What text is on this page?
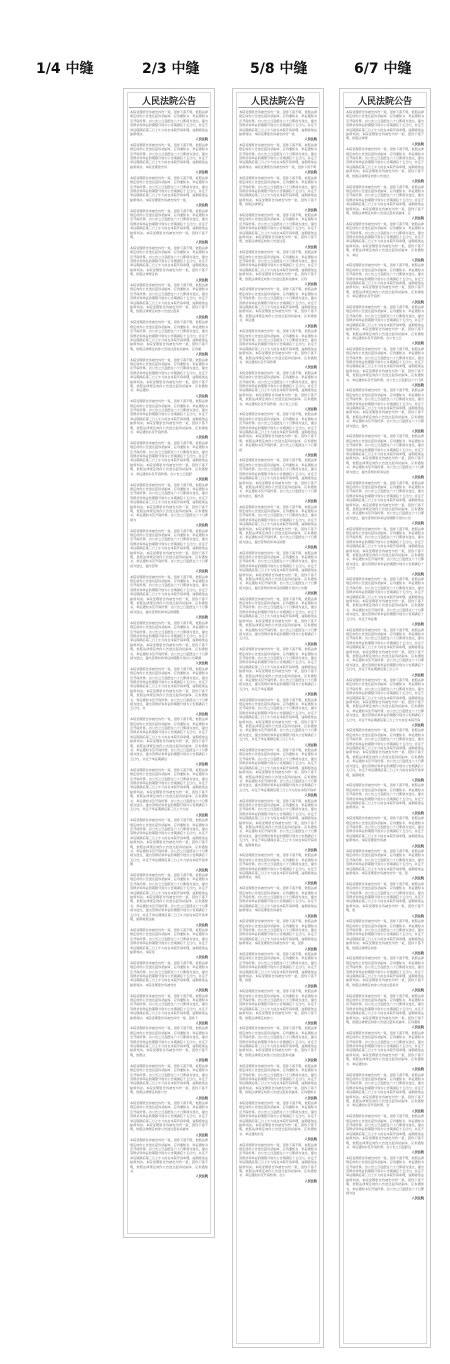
1/4 中缝	2/3 中缝	5/8 中缝	6/7 中缝
人民法院公告

本院受理原告诉被告纠纷一案，因你下落不明，依照法律规定向你公告送达起诉状副本、应诉通知书、举证通知书及开庭传票。自公告之日起经过六十日即视为送达，提出答辩状和举证的期限分别为公告期满后十五日内，并定于举证期满后第三日上午九时在本院开庭审理，逾期将依法缺席判决。

人民法院

本院受理原告诉被告纠纷一案，因你下落不明，依照法律规定向你公告送达起诉状副本、应诉通知书、举证通知书及开庭传票。自公告之日起经过六十日即视为送达，提出答辩状和举证的期限分别为公告期满后十五日内，并定于举证期满后第三日上午九时在本院开庭审理，逾期将依法缺席判决。本院受理原告诉

人民法院

本院受理原告诉被告纠纷一案，因你下落不明，依照法律规定向你公告送达起诉状副本、应诉通知书、举证通知书及开庭传票。自公告之日起经过六十日即视为送达，提出答辩状和举证的期限分别为公告期满后十五日内，并定于举证期满后第三日上午九时在本院开庭审理，逾期将依法缺席判决。本院受理原告诉被告纠纷一案，

人民法院

本院受理原告诉被告纠纷一案，因你下落不明，依照法律规定向你公告送达起诉状副本、应诉通知书、举证通知书及开庭传票。自公告之日起经过六十日即视为送达，提出答辩状和举证的期限分别为公告期满后十五日内，并定于举证期满后第三日上午九时在本院开庭审理，逾期将依法缺席判决。本院受理原告诉被告纠纷一案，因你下落不明，

人民法院

本院受理原告诉被告纠纷一案，因你下落不明，依照法律规定向你公告送达起诉状副本、应诉通知书、举证通知书及开庭传票。自公告之日起经过六十日即视为送达，提出答辩状和举证的期限分别为公告期满后十五日内，并定于举证期满后第三日上午九时在本院开庭审理，逾期将依法缺席判决。本院受理原告诉被告纠纷一案，因你下落不明，依照法律规定向

人民法院

本院受理原告诉被告纠纷一案，因你下落不明，依照法律规定向你公告送达起诉状副本、应诉通知书、举证通知书及开庭传票。自公告之日起经过六十日即视为送达，提出答辩状和举证的期限分别为公告期满后十五日内，并定于举证期满后第三日上午九时在本院开庭审理，逾期将依法缺席判决。本院受理原告诉被告纠纷一案，因你下落不明，依照法律规定向你公告送达起诉

人民法院

本院受理原告诉被告纠纷一案，因你下落不明，依照法律规定向你公告送达起诉状副本、应诉通知书、举证通知书及开庭传票。自公告之日起经过六十日即视为送达，提出答辩状和举证的期限分别为公告期满后十五日内，并定于举证期满后第三日上午九时在本院开庭审理，逾期将依法缺席判决。本院受理原告诉被告纠纷一案，因你下落不明，依照法律规定向你公告送达起诉状副本、应诉通

人民法院

本院受理原告诉被告纠纷一案，因你下落不明，依照法律规定向你公告送达起诉状副本、应诉通知书、举证通知书及开庭传票。自公告之日起经过六十日即视为送达，提出答辩状和举证的期限分别为公告期满后十五日内，并定于举证期满后第三日上午九时在本院开庭审理，逾期将依法缺席判决。本院受理原告诉被告纠纷一案，因你下落不明，依照法律规定向你公告送达起诉状副本、应诉通知书、举证通知

人民法院

本院受理原告诉被告纠纷一案，因你下落不明，依照法律规定向你公告送达起诉状副本、应诉通知书、举证通知书及开庭传票。自公告之日起经过六十日即视为送达，提出答辩状和举证的期限分别为公告期满后十五日内，并定于举证期满后第三日上午九时在本院开庭审理，逾期将依法缺席判决。本院受理原告诉被告纠纷一案，因你下落不明，依照法律规定向你公告送达起诉状副本、应诉通知书、举证通知书及开庭传票。

人民法院

本院受理原告诉被告纠纷一案，因你下落不明，依照法律规定向你公告送达起诉状副本、应诉通知书、举证通知书及开庭传票。自公告之日起经过六十日即视为送达，提出答辩状和举证的期限分别为公告期满后十五日内，并定于举证期满后第三日上午九时在本院开庭审理，逾期将依法缺席判决。本院受理原告诉被告纠纷一案，因你下落不明，依照法律规定向你公告送达起诉状副本、应诉通知书、举证通知书及开庭传票。自公告之日起经

人民法院

本院受理原告诉被告纠纷一案，因你下落不明，依照法律规定向你公告送达起诉状副本、应诉通知书、举证通知书及开庭传票。自公告之日起经过六十日即视为送达，提出答辩状和举证的期限分别为公告期满后十五日内，并定于举证期满后第三日上午九时在本院开庭审理，逾期将依法缺席判决。本院受理原告诉被告纠纷一案，因你下落不明，依照法律规定向你公告送达起诉状副本、应诉通知书、举证通知书及开庭传票。自公告之日起经过六十日即视为

人民法院

本院受理原告诉被告纠纷一案，因你下落不明，依照法律规定向你公告送达起诉状副本、应诉通知书、举证通知书及开庭传票。自公告之日起经过六十日即视为送达，提出答辩状和举证的期限分别为公告期满后十五日内，并定于举证期满后第三日上午九时在本院开庭审理，逾期将依法缺席判决。本院受理原告诉被告纠纷一案，因你下落不明，依照法律规定向你公告送达起诉状副本、应诉通知书、举证通知书及开庭传票。自公告之日起经过六十日即视为送达，提出答辩

人民法院

本院受理原告诉被告纠纷一案，因你下落不明，依照法律规定向你公告送达起诉状副本、应诉通知书、举证通知书及开庭传票。自公告之日起经过六十日即视为送达，提出答辩状和举证的期限分别为公告期满后十五日内，并定于举证期满后第三日上午九时在本院开庭审理，逾期将依法缺席判决。本院受理原告诉被告纠纷一案，因你下落不明，依照法律规定向你公告送达起诉状副本、应诉通知书、举证通知书及开庭传票。自公告之日起经过六十日即视为送达，提出答辩状和举证的期限

人民法院

本院受理原告诉被告纠纷一案，因你下落不明，依照法律规定向你公告送达起诉状副本、应诉通知书、举证通知书及开庭传票。自公告之日起经过六十日即视为送达，提出答辩状和举证的期限分别为公告期满后十五日内，并定于举证期满后第三日上午九时在本院开庭审理，逾期将依法缺席判决。本院受理原告诉被告纠纷一案，因你下落不明，依照法律规定向你公告送达起诉状副本、应诉通知书、举证通知书及开庭传票。自公告之日起经过六十日即视为送达，提出答辩状和举证的期限分别为公告期满

人民法院

本院受理原告诉被告纠纷一案，因你下落不明，依照法律规定向你公告送达起诉状副本、应诉通知书、举证通知书及开庭传票。自公告之日起经过六十日即视为送达，提出答辩状和举证的期限分别为公告期满后十五日内，并定于举证期满后第三日上午九时在本院开庭审理，逾期将依法缺席判决。本院受理原告诉被告纠纷一案，因你下落不明，依照法律规定向你公告送达起诉状副本、应诉通知书、举证通知书及开庭传票。自公告之日起经过六十日即视为送达，提出答辩状和举证的期限分别为公告期满后十五日内，并

人民法院

本院受理原告诉被告纠纷一案，因你下落不明，依照法律规定向你公告送达起诉状副本、应诉通知书、举证通知书及开庭传票。自公告之日起经过六十日即视为送达，提出答辩状和举证的期限分别为公告期满后十五日内，并定于举证期满后第三日上午九时在本院开庭审理，逾期将依法缺席判决。本院受理原告诉被告纠纷一案，因你下落不明，依照法律规定向你公告送达起诉状副本、应诉通知书、举证通知书及开庭传票。自公告之日起经过六十日即视为送达，提出答辩状和举证的期限分别为公告期满后十五日内，并定于举证期满后

人民法院

本院受理原告诉被告纠纷一案，因你下落不明，依照法律规定向你公告送达起诉状副本、应诉通知书、举证通知书及开庭传票。自公告之日起经过六十日即视为送达，提出答辩状和举证的期限分别为公告期满后十五日内，并定于举证期满后第三日上午九时在本院开庭审理，逾期将依法缺席判决。本院受理原告诉被告纠纷一案，因你下落不明，依照法律规定向你公告送达起诉状副本、应诉通知书、举证通知书及开庭传票。自公告之日起经过六十日即视为送达，提出答辩状和举证的期限分别为公告期满后十五日内，并定于举证期满后第三日上午九时

人民法院

本院受理原告诉被告纠纷一案，因你下落不明，依照法律规定向你公告送达起诉状副本、应诉通知书、举证通知书及开庭传票。自公告之日起经过六十日即视为送达，提出答辩状和举证的期限分别为公告期满后十五日内，并定于举证期满后第三日上午九时在本院开庭审理，逾期将依法缺席判决。本院受理原告诉被告纠纷一案，因你下落不明，依照法律规定向你公告送达起诉状副本、应诉通知书、举证通知书及开庭传票。自公告之日起经过六十日即视为送达，提出答辩状和举证的期限分别为公告期满后十五日内，并定于举证期满后第三日上午九时在本院开庭审理

人民法院

本院受理原告诉被告纠纷一案，因你下落不明，依照法律规定向你公告送达起诉状副本、应诉通知书、举证通知书及开庭传票。自公告之日起经过六十日即视为送达，提出答辩状和举证的期限分别为公告期满后十五日内，并定于举证期满后第三日上午九时在本院开庭审理，逾期将依法缺席判决。本院受理原告诉被告纠纷一案，因你下落不明，依照法律规定向你公告送达起诉状副本、应诉通知书、举证通知书及开庭传票。自公告之日起经过六十日即视为送达，提出答辩状和举证的期限分别为公告期满后十五日内，并定于举证期满后第三日上午九时在本院开庭审理，逾期将依法缺

人民法院

本院受理原告诉被告纠纷一案，因你下落不明，依照法律规定向你公告送达起诉状副本、应诉通知书、举证通知书及开庭传票。自公告之日起经过六十日即视为送达，提出答辩状和举证的期限分别为公告期满后十五日内，并定于举证期满后第三日上午九时在本院开庭审理，逾期将依法缺席判决。本院受

人民法院

本院受理原告诉被告纠纷一案，因你下落不明，依照法律规定向你公告送达起诉状副本、应诉通知书、举证通知书及开庭传票。自公告之日起经过六十日即视为送达，提出答辩状和举证的期限分别为公告期满后十五日内，并定于举证期满后第三日上午九时在本院开庭审理，逾期将依法缺席判决。本院受理原告诉被告纠

人民法院

本院受理原告诉被告纠纷一案，因你下落不明，依照法律规定向你公告送达起诉状副本、应诉通知书、举证通知书及开庭传票。自公告之日起经过六十日即视为送达，提出答辩状和举证的期限分别为公告期满后十五日内，并定于举证期满后第三日上午九时在本院开庭审理，逾期将依法缺席判决。本院受理原告诉被告纠纷一案，因你下

人民法院

本院受理原告诉被告纠纷一案，因你下落不明，依照法律规定向你公告送达起诉状副本、应诉通知书、举证通知书及开庭传票。自公告之日起经过六十日即视为送达，提出答辩状和举证的期限分别为公告期满后十五日内，并定于举证期满后第三日上午九时在本院开庭审理，逾期将依法缺席判决。本院受理原告诉被告纠纷一案，因你下落不明，依照法

人民法院

本院受理原告诉被告纠纷一案，因你下落不明，依照法律规定向你公告送达起诉状副本、应诉通知书、举证通知书及开庭传票。自公告之日起经过六十日即视为送达，提出答辩状和举证的期限分别为公告期满后十五日内，并定于举证期满后第三日上午九时在本院开庭审理，逾期将依法缺席判决。本院受理原告诉被告纠纷一案，因你下落不明，依照法律规定向你公告

人民法院

本院受理原告诉被告纠纷一案，因你下落不明，依照法律规定向你公告送达起诉状副本、应诉通知书、举证通知书及开庭传票。自公告之日起经过六十日即视为送达，提出答辩状和举证的期限分别为公告期满后十五日内，并定于举证期满后第三日上午九时在本院开庭审理，逾期将依法缺席判决。本院受理原告诉被告纠纷一案，因你下落不明，依照法律规定向你公告送达起诉状副本

人民法院

本院受理原告诉被告纠纷一案，因你下落不明，依照法律规定向你公告送达起诉状副本、应诉通知书、举证通知书及开庭传票。自公告之日起经过六十日即视为送达，提出答辩状和举证的期限分别为公告期满后十五日内，并定于举证期满后第三日上午九时在本院开庭审理，逾期将依法缺席判决。本院受理原告诉被告纠纷一案，因你下落不明，依照法律规定向你公告送达起诉状副本、应诉通知书、

人民法院

人民法院公告

本院受理原告诉被告纠纷一案，因你下落不明，依照法律规定向你公告送达起诉状副本、应诉通知书、举证通知书及开庭传票。自公告之日起经过六十日即视为送达，提出答辩状和举证的期限分别为公告期满后十五日内，并定于举证期满后第三日上午九时在本院开庭审理，逾期将依法缺席判决。本院受理原告诉被告纠纷一案

人民法院

本院受理原告诉被告纠纷一案，因你下落不明，依照法律规定向你公告送达起诉状副本、应诉通知书、举证通知书及开庭传票。自公告之日起经过六十日即视为送达，提出答辩状和举证的期限分别为公告期满后十五日内，并定于举证期满后第三日上午九时在本院开庭审理，逾期将依法缺席判决。本院受理原告诉被告纠纷一案，因你下落不明

人民法院

本院受理原告诉被告纠纷一案，因你下落不明，依照法律规定向你公告送达起诉状副本、应诉通知书、举证通知书及开庭传票。自公告之日起经过六十日即视为送达，提出答辩状和举证的期限分别为公告期满后十五日内，并定于举证期满后第三日上午九时在本院开庭审理，逾期将依法缺席判决。本院受理原告诉被告纠纷一案，因你下落不明，依照法律规定

人民法院

本院受理原告诉被告纠纷一案，因你下落不明，依照法律规定向你公告送达起诉状副本、应诉通知书、举证通知书及开庭传票。自公告之日起经过六十日即视为送达，提出答辩状和举证的期限分别为公告期满后十五日内，并定于举证期满后第三日上午九时在本院开庭审理，逾期将依法缺席判决。本院受理原告诉被告纠纷一案，因你下落不明，依照法律规定向你公告送达起

人民法院

本院受理原告诉被告纠纷一案，因你下落不明，依照法律规定向你公告送达起诉状副本、应诉通知书、举证通知书及开庭传票。自公告之日起经过六十日即视为送达，提出答辩状和举证的期限分别为公告期满后十五日内，并定于举证期满后第三日上午九时在本院开庭审理，逾期将依法缺席判决。本院受理原告诉被告纠纷一案，因你下落不明，依照法律规定向你公告送达起诉状副本、应诉

人民法院

本院受理原告诉被告纠纷一案，因你下落不明，依照法律规定向你公告送达起诉状副本、应诉通知书、举证通知书及开庭传票。自公告之日起经过六十日即视为送达，提出答辩状和举证的期限分别为公告期满后十五日内，并定于举证期满后第三日上午九时在本院开庭审理，逾期将依法缺席判决。本院受理原告诉被告纠纷一案，因你下落不明，依照法律规定向你公告送达起诉状副本、应诉通知书、举证通

人民法院

本院受理原告诉被告纠纷一案，因你下落不明，依照法律规定向你公告送达起诉状副本、应诉通知书、举证通知书及开庭传票。自公告之日起经过六十日即视为送达，提出答辩状和举证的期限分别为公告期满后十五日内，并定于举证期满后第三日上午九时在本院开庭审理，逾期将依法缺席判决。本院受理原告诉被告纠纷一案，因你下落不明，依照法律规定向你公告送达起诉状副本、应诉通知书、举证通知书及开庭传票

人民法院

本院受理原告诉被告纠纷一案，因你下落不明，依照法律规定向你公告送达起诉状副本、应诉通知书、举证通知书及开庭传票。自公告之日起经过六十日即视为送达，提出答辩状和举证的期限分别为公告期满后十五日内，并定于举证期满后第三日上午九时在本院开庭审理，逾期将依法缺席判决。本院受理原告诉被告纠纷一案，因你下落不明，依照法律规定向你公告送达起诉状副本、应诉通知书、举证通知书及开庭传票。自公告之日起

人民法院

本院受理原告诉被告纠纷一案，因你下落不明，依照法律规定向你公告送达起诉状副本、应诉通知书、举证通知书及开庭传票。自公告之日起经过六十日即视为送达，提出答辩状和举证的期限分别为公告期满后十五日内，并定于举证期满后第三日上午九时在本院开庭审理，逾期将依法缺席判决。本院受理原告诉被告纠纷一案，因你下落不明，依照法律规定向你公告送达起诉状副本、应诉通知书、举证通知书及开庭传票。自公告之日起经过六十日即视

人民法院

本院受理原告诉被告纠纷一案，因你下落不明，依照法律规定向你公告送达起诉状副本、应诉通知书、举证通知书及开庭传票。自公告之日起经过六十日即视为送达，提出答辩状和举证的期限分别为公告期满后十五日内，并定于举证期满后第三日上午九时在本院开庭审理，逾期将依法缺席判决。本院受理原告诉被告纠纷一案，因你下落不明，依照法律规定向你公告送达起诉状副本、应诉通知书、举证通知书及开庭传票。自公告之日起经过六十日即视为送达，提出答

人民法院

本院受理原告诉被告纠纷一案，因你下落不明，依照法律规定向你公告送达起诉状副本、应诉通知书、举证通知书及开庭传票。自公告之日起经过六十日即视为送达，提出答辩状和举证的期限分别为公告期满后十五日内，并定于举证期满后第三日上午九时在本院开庭审理，逾期将依法缺席判决。本院受理原告诉被告纠纷一案，因你下落不明，依照法律规定向你公告送达起诉状副本、应诉通知书、举证通知书及开庭传票。自公告之日起经过六十日即视为送达，提出答辩状和举证的期

人民法院

本院受理原告诉被告纠纷一案，因你下落不明，依照法律规定向你公告送达起诉状副本、应诉通知书、举证通知书及开庭传票。自公告之日起经过六十日即视为送达，提出答辩状和举证的期限分别为公告期满后十五日内，并定于举证期满后第三日上午九时在本院开庭审理，逾期将依法缺席判决。本院受理原告诉被告纠纷一案，因你下落不明，依照法律规定向你公告送达起诉状副本、应诉通知书、举证通知书及开庭传票。自公告之日起经过六十日即视为送达，提出答辩状和举证的期限分别为公告期

人民法院

本院受理原告诉被告纠纷一案，因你下落不明，依照法律规定向你公告送达起诉状副本、应诉通知书、举证通知书及开庭传票。自公告之日起经过六十日即视为送达，提出答辩状和举证的期限分别为公告期满后十五日内，并定于举证期满后第三日上午九时在本院开庭审理，逾期将依法缺席判决。本院受理原告诉被告纠纷一案，因你下落不明，依照法律规定向你公告送达起诉状副本、应诉通知书、举证通知书及开庭传票。自公告之日起经过六十日即视为送达，提出答辩状和举证的期限分别为公告期满后十五日内，

人民法院

本院受理原告诉被告纠纷一案，因你下落不明，依照法律规定向你公告送达起诉状副本、应诉通知书、举证通知书及开庭传票。自公告之日起经过六十日即视为送达，提出答辩状和举证的期限分别为公告期满后十五日内，并定于举证期满后第三日上午九时在本院开庭审理，逾期将依法缺席判决。本院受理原告诉被告纠纷一案，因你下落不明，依照法律规定向你公告送达起诉状副本、应诉通知书、举证通知书及开庭传票。自公告之日起经过六十日即视为送达，提出答辩状和举证的期限分别为公告期满后十五日内，并定于举证期满

人民法院

本院受理原告诉被告纠纷一案，因你下落不明，依照法律规定向你公告送达起诉状副本、应诉通知书、举证通知书及开庭传票。自公告之日起经过六十日即视为送达，提出答辩状和举证的期限分别为公告期满后十五日内，并定于举证期满后第三日上午九时在本院开庭审理，逾期将依法缺席判决。本院受理原告诉被告纠纷一案，因你下落不明，依照法律规定向你公告送达起诉状副本、应诉通知书、举证通知书及开庭传票。自公告之日起经过六十日即视为送达，提出答辩状和举证的期限分别为公告期满后十五日内，并定于举证期满后第三日上午九

人民法院

本院受理原告诉被告纠纷一案，因你下落不明，依照法律规定向你公告送达起诉状副本、应诉通知书、举证通知书及开庭传票。自公告之日起经过六十日即视为送达，提出答辩状和举证的期限分别为公告期满后十五日内，并定于举证期满后第三日上午九时在本院开庭审理，逾期将依法缺席判决。本院受理原告诉被告纠纷一案，因你下落不明，依照法律规定向你公告送达起诉状副本、应诉通知书、举证通知书及开庭传票。自公告之日起经过六十日即视为送达，提出答辩状和举证的期限分别为公告期满后十五日内，并定于举证期满后第三日上午九时在本院开庭审

人民法院

本院受理原告诉被告纠纷一案，因你下落不明，依照法律规定向你公告送达起诉状副本、应诉通知书、举证通知书及开庭传票。自公告之日起经过六十日即视为送达，提出答辩状和举证的期限分别为公告期满后十五日内，并定于举证期满后第三日上午九时在本院开庭审理，逾期将依法缺席判决。本院受理原告诉被告纠纷一案，因你下落不明，依照法律规定向你公告送达起诉状副本、应诉通知书、举证通知书及开庭传票。自公告之日起经过六十日即视为送达，提出答辩状和举证的期限分别为公告期满后十五日内，并定于举证期满后第三日上午九时在本院开庭审理，逾期将依法

人民法院

本院受理原告诉被告纠纷一案，因你下落不明，依照法律规定向你公告送达起诉状副本、应诉通知书、举证通知书及开庭传票。自公告之日起经过六十日即视为送达，提出答辩状和举证的期限分别为公告期满后十五日内，并定于举证期满后第三日上午九时在本院开庭审理，逾期将依法缺席判决。本院

人民法院

本院受理原告诉被告纠纷一案，因你下落不明，依照法律规定向你公告送达起诉状副本、应诉通知书、举证通知书及开庭传票。自公告之日起经过六十日即视为送达，提出答辩状和举证的期限分别为公告期满后十五日内，并定于举证期满后第三日上午九时在本院开庭审理，逾期将依法缺席判决。本院受理原告诉被告

人民法院

本院受理原告诉被告纠纷一案，因你下落不明，依照法律规定向你公告送达起诉状副本、应诉通知书、举证通知书及开庭传票。自公告之日起经过六十日即视为送达，提出答辩状和举证的期限分别为公告期满后十五日内，并定于举证期满后第三日上午九时在本院开庭审理，逾期将依法缺席判决。本院受理原告诉被告纠纷一案，因你

人民法院

本院受理原告诉被告纠纷一案，因你下落不明，依照法律规定向你公告送达起诉状副本、应诉通知书、举证通知书及开庭传票。自公告之日起经过六十日即视为送达，提出答辩状和举证的期限分别为公告期满后十五日内，并定于举证期满后第三日上午九时在本院开庭审理，逾期将依法缺席判决。本院受理原告诉被告纠纷一案，因你下落不明，依照

人民法院

本院受理原告诉被告纠纷一案，因你下落不明，依照法律规定向你公告送达起诉状副本、应诉通知书、举证通知书及开庭传票。自公告之日起经过六十日即视为送达，提出答辩状和举证的期限分别为公告期满后十五日内，并定于举证期满后第三日上午九时在本院开庭审理，逾期将依法缺席判决。本院受理原告诉被告纠纷一案，因你下落不明，依照法律规定向你公

人民法院

本院受理原告诉被告纠纷一案，因你下落不明，依照法律规定向你公告送达起诉状副本、应诉通知书、举证通知书及开庭传票。自公告之日起经过六十日即视为送达，提出答辩状和举证的期限分别为公告期满后十五日内，并定于举证期满后第三日上午九时在本院开庭审理，逾期将依法缺席判决。本院受理原告诉被告纠纷一案，因你下落不明，依照法律规定向你公告送达起诉状副

人民法院

本院受理原告诉被告纠纷一案，因你下落不明，依照法律规定向你公告送达起诉状副本、应诉通知书、举证通知书及开庭传票。自公告之日起经过六十日即视为送达，提出答辩状和举证的期限分别为公告期满后十五日内，并定于举证期满后第三日上午九时在本院开庭审理，逾期将依法缺席判决。本院受理原告诉被告纠纷一案，因你下落不明，依照法律规定向你公告送达起诉状副本、应诉通知书

人民法院

本院受理原告诉被告纠纷一案，因你下落不明，依照法律规定向你公告送达起诉状副本、应诉通知书、举证通知书及开庭传票。自公告之日起经过六十日即视为送达，提出答辩状和举证的期限分别为公告期满后十五日内，并定于举证期满后第三日上午九时在本院开庭审理，逾期将依法缺席判决。本院受理原告诉被告纠纷一案，因你下落不明，依照法律规定向你公告送达起诉状副本、应诉通知书、举证通知书及

人民法院

本院受理原告诉被告纠纷一案，因你下落不明，依照法律规定向你公告送达起诉状副本、应诉通知书、举证通知书及开庭传票。自公告之日起经过六十日即视为送达，提出答辩状和举证的期限分别为公告期满后十五日内，并定于举证期满后第三日上午九时在本院开庭审理，逾期将依法缺席判决。本院受理原告诉被告纠纷一案，因你下落不明，依照法律规定向你公告送达起诉状副本、应诉通知书、举证通知书及开庭传票。自公

人民法院

人民法院公告

本院受理原告诉被告纠纷一案，因你下落不明，依照法律规定向你公告送达起诉状副本、应诉通知书、举证通知书及开庭传票。自公告之日起经过六十日即视为送达，提出答辩状和举证的期限分别为公告期满后十五日内，并定于举证期满后第三日上午九时在本院开庭审理，逾期将依法缺席判决。本院受理原告诉被告纠纷一案，因你下落不明，依照法律规

人民法院

本院受理原告诉被告纠纷一案，因你下落不明，依照法律规定向你公告送达起诉状副本、应诉通知书、举证通知书及开庭传票。自公告之日起经过六十日即视为送达，提出答辩状和举证的期限分别为公告期满后十五日内，并定于举证期满后第三日上午九时在本院开庭审理，逾期将依法缺席判决。本院受理原告诉被告纠纷一案，因你下落不明，依照法律规定向你公告送达

人民法院

本院受理原告诉被告纠纷一案，因你下落不明，依照法律规定向你公告送达起诉状副本、应诉通知书、举证通知书及开庭传票。自公告之日起经过六十日即视为送达，提出答辩状和举证的期限分别为公告期满后十五日内，并定于举证期满后第三日上午九时在本院开庭审理，逾期将依法缺席判决。本院受理原告诉被告纠纷一案，因你下落不明，依照法律规定向你公告送达起诉状副本、应

人民法院

本院受理原告诉被告纠纷一案，因你下落不明，依照法律规定向你公告送达起诉状副本、应诉通知书、举证通知书及开庭传票。自公告之日起经过六十日即视为送达，提出答辩状和举证的期限分别为公告期满后十五日内，并定于举证期满后第三日上午九时在本院开庭审理，逾期将依法缺席判决。本院受理原告诉被告纠纷一案，因你下落不明，依照法律规定向你公告送达起诉状副本、应诉通知书、举证

人民法院

本院受理原告诉被告纠纷一案，因你下落不明，依照法律规定向你公告送达起诉状副本、应诉通知书、举证通知书及开庭传票。自公告之日起经过六十日即视为送达，提出答辩状和举证的期限分别为公告期满后十五日内，并定于举证期满后第三日上午九时在本院开庭审理，逾期将依法缺席判决。本院受理原告诉被告纠纷一案，因你下落不明，依照法律规定向你公告送达起诉状副本、应诉通知书、举证通知书及开庭传

人民法院

本院受理原告诉被告纠纷一案，因你下落不明，依照法律规定向你公告送达起诉状副本、应诉通知书、举证通知书及开庭传票。自公告之日起经过六十日即视为送达，提出答辩状和举证的期限分别为公告期满后十五日内，并定于举证期满后第三日上午九时在本院开庭审理，逾期将依法缺席判决。本院受理原告诉被告纠纷一案，因你下落不明，依照法律规定向你公告送达起诉状副本、应诉通知书、举证通知书及开庭传票。自公告之日

人民法院

本院受理原告诉被告纠纷一案，因你下落不明，依照法律规定向你公告送达起诉状副本、应诉通知书、举证通知书及开庭传票。自公告之日起经过六十日即视为送达，提出答辩状和举证的期限分别为公告期满后十五日内，并定于举证期满后第三日上午九时在本院开庭审理，逾期将依法缺席判决。本院受理原告诉被告纠纷一案，因你下落不明，依照法律规定向你公告送达起诉状副本、应诉通知书、举证通知书及开庭传票。自公告之日起经过六十日即

人民法院

本院受理原告诉被告纠纷一案，因你下落不明，依照法律规定向你公告送达起诉状副本、应诉通知书、举证通知书及开庭传票。自公告之日起经过六十日即视为送达，提出答辩状和举证的期限分别为公告期满后十五日内，并定于举证期满后第三日上午九时在本院开庭审理，逾期将依法缺席判决。本院受理原告诉被告纠纷一案，因你下落不明，依照法律规定向你公告送达起诉状副本、应诉通知书、举证通知书及开庭传票。自公告之日起经过六十日即视为送达，提出

人民法院

本院受理原告诉被告纠纷一案，因你下落不明，依照法律规定向你公告送达起诉状副本、应诉通知书、举证通知书及开庭传票。自公告之日起经过六十日即视为送达，提出答辩状和举证的期限分别为公告期满后十五日内，并定于举证期满后第三日上午九时在本院开庭审理，逾期将依法缺席判决。本院受理原告诉被告纠纷一案，因你下落不明，依照法律规定向你公告送达起诉状副本、应诉通知书、举证通知书及开庭传票。自公告之日起经过六十日即视为送达，提出答辩状和举证的

人民法院

本院受理原告诉被告纠纷一案，因你下落不明，依照法律规定向你公告送达起诉状副本、应诉通知书、举证通知书及开庭传票。自公告之日起经过六十日即视为送达，提出答辩状和举证的期限分别为公告期满后十五日内，并定于举证期满后第三日上午九时在本院开庭审理，逾期将依法缺席判决。本院受理原告诉被告纠纷一案，因你下落不明，依照法律规定向你公告送达起诉状副本、应诉通知书、举证通知书及开庭传票。自公告之日起经过六十日即视为送达，提出答辩状和举证的期限分别为公告

人民法院

本院受理原告诉被告纠纷一案，因你下落不明，依照法律规定向你公告送达起诉状副本、应诉通知书、举证通知书及开庭传票。自公告之日起经过六十日即视为送达，提出答辩状和举证的期限分别为公告期满后十五日内，并定于举证期满后第三日上午九时在本院开庭审理，逾期将依法缺席判决。本院受理原告诉被告纠纷一案，因你下落不明，依照法律规定向你公告送达起诉状副本、应诉通知书、举证通知书及开庭传票。自公告之日起经过六十日即视为送达，提出答辩状和举证的期限分别为公告期满后十五日内

人民法院

本院受理原告诉被告纠纷一案，因你下落不明，依照法律规定向你公告送达起诉状副本、应诉通知书、举证通知书及开庭传票。自公告之日起经过六十日即视为送达，提出答辩状和举证的期限分别为公告期满后十五日内，并定于举证期满后第三日上午九时在本院开庭审理，逾期将依法缺席判决。本院受理原告诉被告纠纷一案，因你下落不明，依照法律规定向你公告送达起诉状副本、应诉通知书、举证通知书及开庭传票。自公告之日起经过六十日即视为送达，提出答辩状和举证的期限分别为公告期满后十五日内，并定于举证期

人民法院

本院受理原告诉被告纠纷一案，因你下落不明，依照法律规定向你公告送达起诉状副本、应诉通知书、举证通知书及开庭传票。自公告之日起经过六十日即视为送达，提出答辩状和举证的期限分别为公告期满后十五日内，并定于举证期满后第三日上午九时在本院开庭审理，逾期将依法缺席判决。本院受理原告诉被告纠纷一案，因你下落不明，依照法律规定向你公告送达起诉状副本、应诉通知书、举证通知书及开庭传票。自公告之日起经过六十日即视为送达，提出答辩状和举证的期限分别为公告期满后十五日内，并定于举证期满后第三日上午

人民法院

本院受理原告诉被告纠纷一案，因你下落不明，依照法律规定向你公告送达起诉状副本、应诉通知书、举证通知书及开庭传票。自公告之日起经过六十日即视为送达，提出答辩状和举证的期限分别为公告期满后十五日内，并定于举证期满后第三日上午九时在本院开庭审理，逾期将依法缺席判决。本院受理原告诉被告纠纷一案，因你下落不明，依照法律规定向你公告送达起诉状副本、应诉通知书、举证通知书及开庭传票。自公告之日起经过六十日即视为送达，提出答辩状和举证的期限分别为公告期满后十五日内，并定于举证期满后第三日上午九时在本院开庭

人民法院

本院受理原告诉被告纠纷一案，因你下落不明，依照法律规定向你公告送达起诉状副本、应诉通知书、举证通知书及开庭传票。自公告之日起经过六十日即视为送达，提出答辩状和举证的期限分别为公告期满后十五日内，并定于举证期满后第三日上午九时在本院开庭审理，逾期将依法缺席判决。本院受理原告诉被告纠纷一案，因你下落不明，依照法律规定向你公告送达起诉状副本、应诉通知书、举证通知书及开庭传票。自公告之日起经过六十日即视为送达，提出答辩状和举证的期限分别为公告期满后十五日内，并定于举证期满后第三日上午九时在本院开庭审理，逾期将依

人民法院

本院受理原告诉被告纠纷一案，因你下落不明，依照法律规定向你公告送达起诉状副本、应诉通知书、举证通知书及开庭传票。自公告之日起经过六十日即视为送达，提出答辩状和举证的期限分别为公告期满后十五日内，并定于举证期满后第三日上午九时在本院开庭审理，逾期将依法缺席判决。本

人民法院

本院受理原告诉被告纠纷一案，因你下落不明，依照法律规定向你公告送达起诉状副本、应诉通知书、举证通知书及开庭传票。自公告之日起经过六十日即视为送达，提出答辩状和举证的期限分别为公告期满后十五日内，并定于举证期满后第三日上午九时在本院开庭审理，逾期将依法缺席判决。本院受理原告诉被

人民法院

本院受理原告诉被告纠纷一案，因你下落不明，依照法律规定向你公告送达起诉状副本、应诉通知书、举证通知书及开庭传票。自公告之日起经过六十日即视为送达，提出答辩状和举证的期限分别为公告期满后十五日内，并定于举证期满后第三日上午九时在本院开庭审理，逾期将依法缺席判决。本院受理原告诉被告纠纷一案，因

人民法院

本院受理原告诉被告纠纷一案，因你下落不明，依照法律规定向你公告送达起诉状副本、应诉通知书、举证通知书及开庭传票。自公告之日起经过六十日即视为送达，提出答辩状和举证的期限分别为公告期满后十五日内，并定于举证期满后第三日上午九时在本院开庭审理，逾期将依法缺席判决。本院受理原告诉被告纠纷一案，因你下落不明，依

人民法院

本院受理原告诉被告纠纷一案，因你下落不明，依照法律规定向你公告送达起诉状副本、应诉通知书、举证通知书及开庭传票。自公告之日起经过六十日即视为送达，提出答辩状和举证的期限分别为公告期满后十五日内，并定于举证期满后第三日上午九时在本院开庭审理，逾期将依法缺席判决。本院受理原告诉被告纠纷一案，因你下落不明，依照法律规定向你

人民法院

本院受理原告诉被告纠纷一案，因你下落不明，依照法律规定向你公告送达起诉状副本、应诉通知书、举证通知书及开庭传票。自公告之日起经过六十日即视为送达，提出答辩状和举证的期限分别为公告期满后十五日内，并定于举证期满后第三日上午九时在本院开庭审理，逾期将依法缺席判决。本院受理原告诉被告纠纷一案，因你下落不明，依照法律规定向你公告送达起诉状

人民法院

本院受理原告诉被告纠纷一案，因你下落不明，依照法律规定向你公告送达起诉状副本、应诉通知书、举证通知书及开庭传票。自公告之日起经过六十日即视为送达，提出答辩状和举证的期限分别为公告期满后十五日内，并定于举证期满后第三日上午九时在本院开庭审理，逾期将依法缺席判决。本院受理原告诉被告纠纷一案，因你下落不明，依照法律规定向你公告送达起诉状副本、应诉通知

人民法院

本院受理原告诉被告纠纷一案，因你下落不明，依照法律规定向你公告送达起诉状副本、应诉通知书、举证通知书及开庭传票。自公告之日起经过六十日即视为送达，提出答辩状和举证的期限分别为公告期满后十五日内，并定于举证期满后第三日上午九时在本院开庭审理，逾期将依法缺席判决。本院受理原告诉被告纠纷一案，因你下落不明，依照法律规定向你公告送达起诉状副本、应诉通知书、举证通知书

人民法院

本院受理原告诉被告纠纷一案，因你下落不明，依照法律规定向你公告送达起诉状副本、应诉通知书、举证通知书及开庭传票。自公告之日起经过六十日即视为送达，提出答辩状和举证的期限分别为公告期满后十五日内，并定于举证期满后第三日上午九时在本院开庭审理，逾期将依法缺席判决。本院受理原告诉被告纠纷一案，因你下落不明，依照法律规定向你公告送达起诉状副本、应诉通知书、举证通知书及开庭传票。自

人民法院

本院受理原告诉被告纠纷一案，因你下落不明，依照法律规定向你公告送达起诉状副本、应诉通知书、举证通知书及开庭传票。自公告之日起经过六十日即视为送达，提出答辩状和举证的期限分别为公告期满后十五日内，并定于举证期满后第三日上午九时在本院开庭审理，逾期将依法缺席判决。本院受理原告诉被告纠纷一案，因你下落不明，依照法律规定向你公告送达起诉状副本、应诉通知书、举证通知书及开庭传票。自公告之日起经过

人民法院

本院受理原告诉被告纠纷一案，因你下落不明，依照法律规定向你公告送达起诉状副本、应诉通知书、举证通知书及开庭传票。自公告之日起经过六十日即视为送达，提出答辩状和举证的期限分别为公告期满后十五日内，并定于举证期满后第三日上午九时在本院开庭审理，逾期将依法缺席判决。本院受理原告诉被告纠纷一案，因你下落不明，依照法律规定向你公告送达起诉状副本、应诉通知书、举证通知书及开庭传票。自公告之日起经过六十日即视为送

人民法院
